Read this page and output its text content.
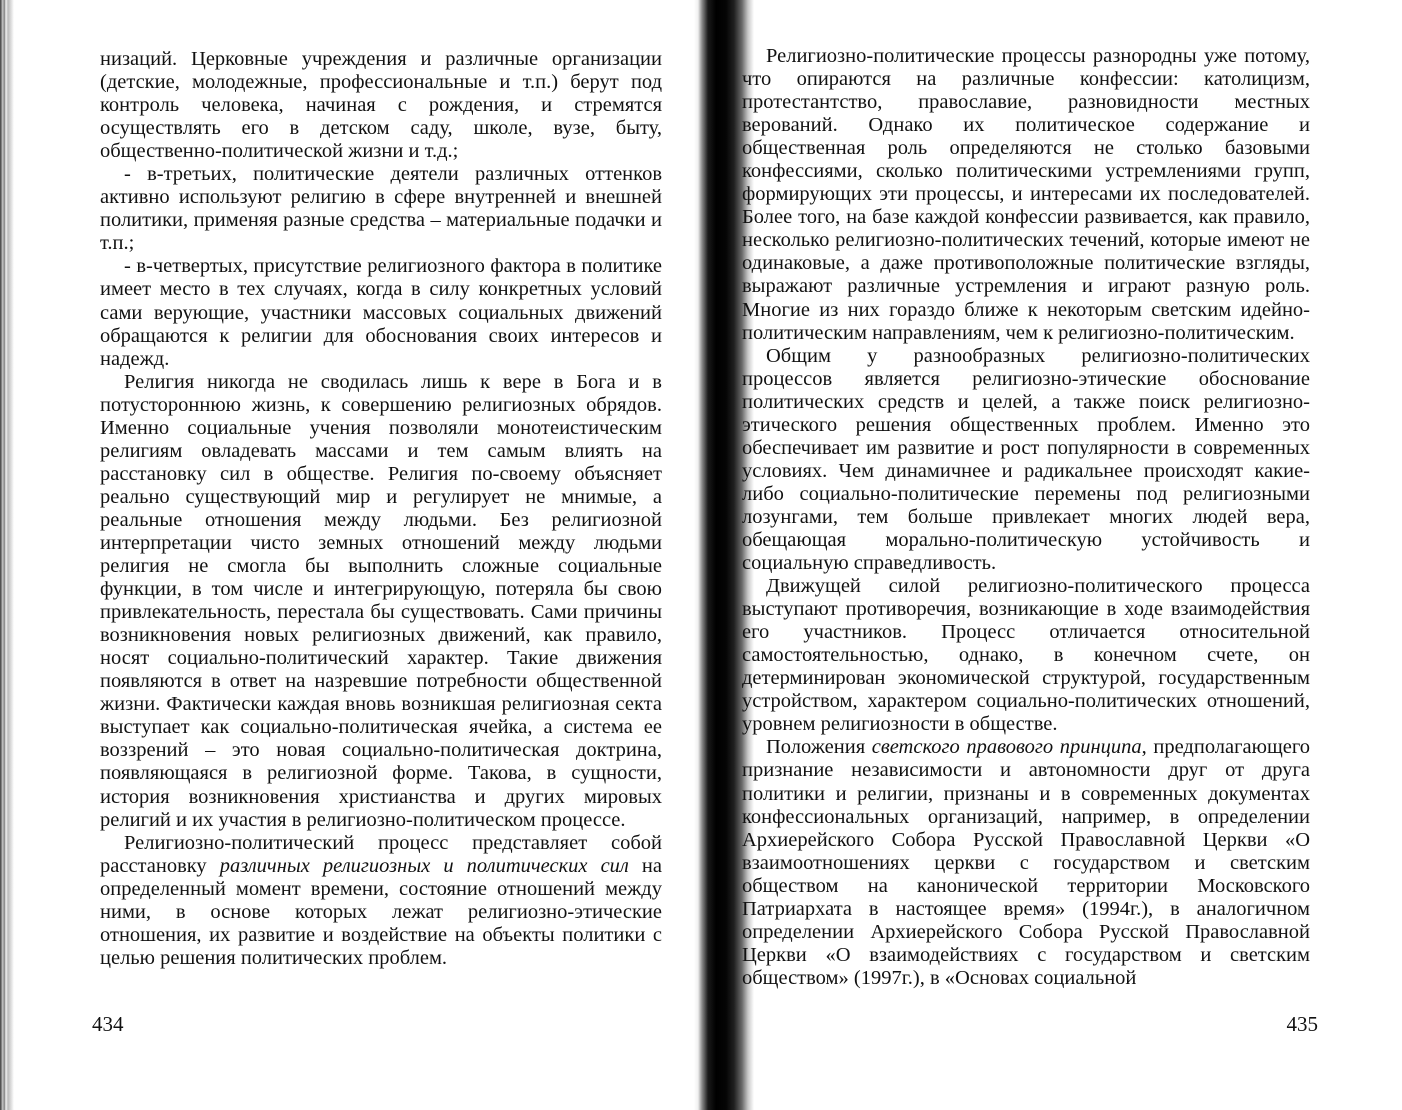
низаций. Церковные учреждения и различные организации (детские, молодежные, профессиональные и т.п.) берут под контроль человека, начиная с рождения, и стремятся осуществлять его в детском саду, школе, вузе, быту, общественно-политической жизни и т.д.;

- в-третьих, политические деятели различных оттенков активно используют религию в сфере внутренней и внешней политики, применяя разные средства – материальные подачки и т.п.;

- в-четвертых, присутствие религиозного фактора в политике имеет место в тех случаях, когда в силу конкретных условий сами верующие, участники массовых социальных движений обращаются к религии для обоснования своих интересов и надежд.

Религия никогда не сводилась лишь к вере в Бога и в потустороннюю жизнь, к совершению религиозных обрядов. Именно социальные учения позволяли монотеистическим религиям овладевать массами и тем самым влиять на расстановку сил в обществе. Религия по-своему объясняет реально существующий мир и регулирует не мнимые, а реальные отношения между людьми. Без религиозной интерпретации чисто земных отношений между людьми религия не смогла бы выполнить сложные социальные функции, в том числе и интегрирующую, потеряла бы свою привлекательность, перестала бы существовать. Сами причины возникновения новых религиозных движений, как правило, носят социально-политический характер. Такие движения появляются в ответ на назревшие потребности общественной жизни. Фактически каждая вновь возникшая религиозная секта выступает как социально-политическая ячейка, а система ее воззрений – это новая социально-политическая доктрина, появляющаяся в религиозной форме. Такова, в сущности, история возникновения христианства и других мировых религий и их участия в религиозно-политическом процессе.

Религиозно-политический процесс представляет собой расстановку различных религиозных и политических сил на определенный момент времени, состояние отношений между ними, в основе которых лежат религиозно-этические отношения, их развитие и воздействие на объекты политики с целью решения политических проблем.

434

Религиозно-политические процессы разнородны уже потому, что опираются на различные конфессии: католицизм, протестантство, православие, разновидности местных верований. Однако их политическое содержание и общественная роль определяются не столько базовыми конфессиями, сколько политическими устремлениями групп, формирующих эти процессы, и интересами их последователей. Более того, на базе каждой конфессии развивается, как правило, несколько религиозно-политических течений, которые имеют не одинаковые, а даже противоположные политические взгляды, выражают различные устремления и играют разную роль. Многие из них гораздо ближе к некоторым светским идейно-политическим направлениям, чем к религиозно-политическим.

Общим у разнообразных религиозно-политических процессов является религиозно-этические обоснование политических средств и целей, а также поиск религиозно-этического решения общественных проблем. Именно это обеспечивает им развитие и рост популярности в современных условиях. Чем динамичнее и радикальнее происходят какие-либо социально-политические перемены под религиозными лозунгами, тем больше привлекает многих людей вера, обещающая морально-политическую устойчивость и социальную справедливость.

Движущей силой религиозно-политического процесса выступают противоречия, возникающие в ходе взаимодействия его участников. Процесс отличается относительной самостоятельностью, однако, в конечном счете, он детерминирован экономической структурой, государственным устройством, характером социально-политических отношений, уровнем религиозности в обществе.

Положения светского правового принципа, предполагающего признание независимости и автономности друг от друга политики и религии, признаны и в современных документах конфессиональных организаций, например, в определении Архиерейского Собора Русской Православной Церкви «О взаимоотношениях церкви с государством и светским обществом на канонической территории Московского Патриархата в настоящее время» (1994г.), в аналогичном определении Архиерейского Собора Русской Православной Церкви «О взаимодействиях с государством и светским обществом» (1997г.), в «Основах социальной

435
